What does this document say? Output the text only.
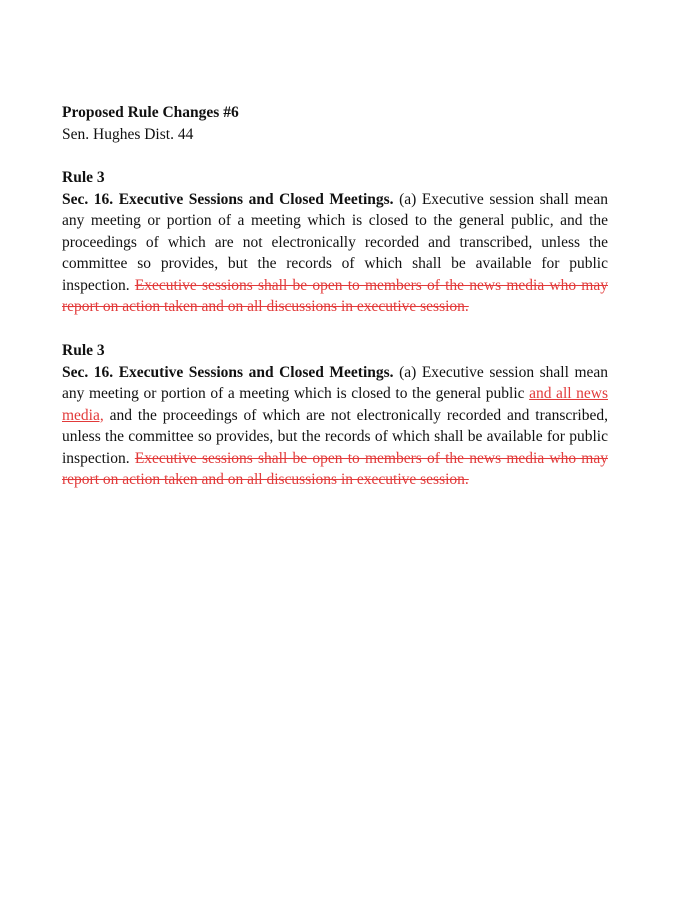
Proposed Rule Changes #6
Sen. Hughes Dist. 44
Rule 3
Sec. 16. Executive Sessions and Closed Meetings. (a) Executive session shall mean any meeting or portion of a meeting which is closed to the general public, and the proceedings of which are not electronically recorded and transcribed, unless the committee so provides, but the records of which shall be available for public inspection. Executive sessions shall be open to members of the news media who may report on action taken and on all discussions in executive session.
Rule 3
Sec. 16. Executive Sessions and Closed Meetings. (a) Executive session shall mean any meeting or portion of a meeting which is closed to the general public and all news media, and the proceedings of which are not electronically recorded and transcribed, unless the committee so provides, but the records of which shall be available for public inspection. Executive sessions shall be open to members of the news media who may report on action taken and on all discussions in executive session.
